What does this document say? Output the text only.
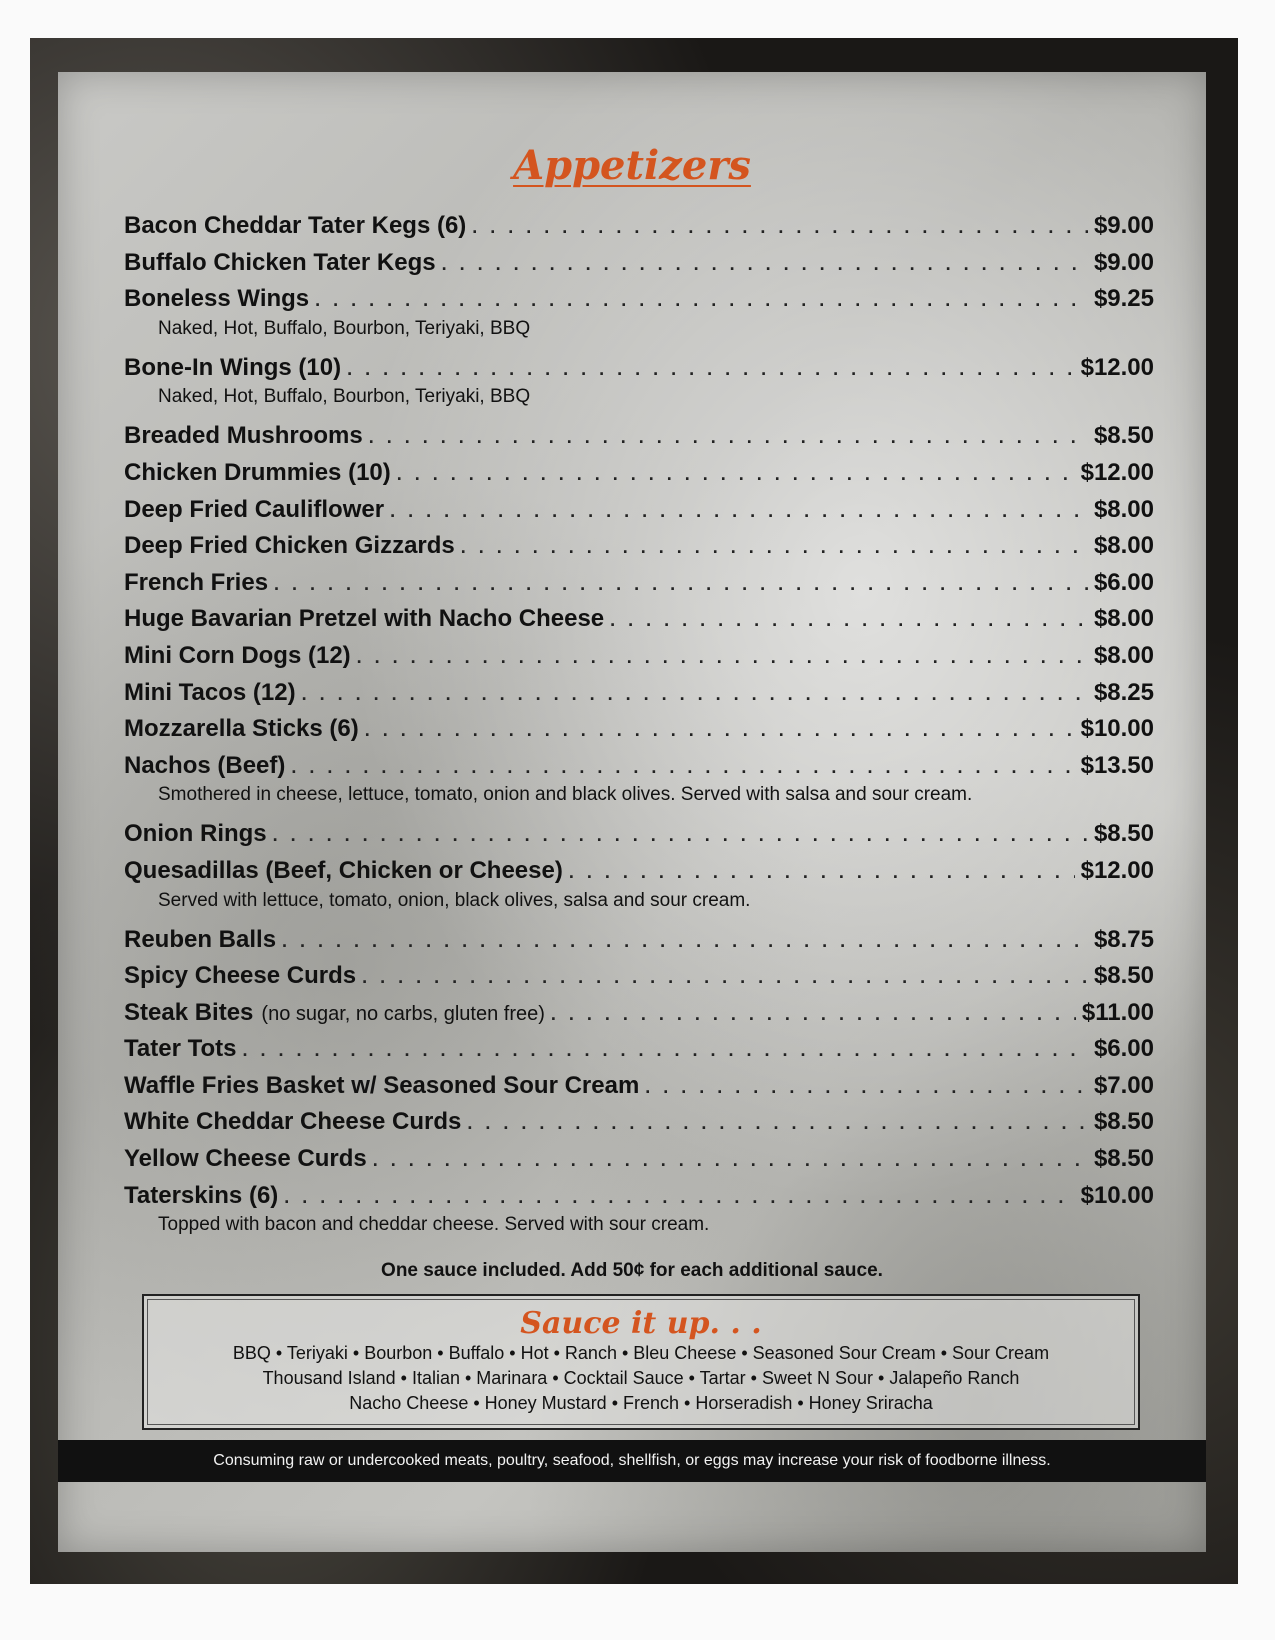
Appetizers
Bacon Cheddar Tater Kegs (6) . . .	$9.00
Buffalo Chicken Tater Kegs . . .	$9.00
Boneless Wings . . .	$9.25
Naked, Hot, Buffalo, Bourbon, Teriyaki, BBQ
Bone-In Wings (10) . . .	$12.00
Naked, Hot, Buffalo, Bourbon, Teriyaki, BBQ
Breaded Mushrooms . . .	$8.50
Chicken Drummies (10) . . .	$12.00
Deep Fried Cauliflower . . .	$8.00
Deep Fried Chicken Gizzards . . .	$8.00
French Fries . . .	$6.00
Huge Bavarian Pretzel with Nacho Cheese . . .	$8.00
Mini Corn Dogs (12) . . .	$8.00
Mini Tacos (12) . . .	$8.25
Mozzarella Sticks (6) . . .	$10.00
Nachos (Beef) . . .	$13.50
Smothered in cheese, lettuce, tomato, onion and black olives. Served with salsa and sour cream.
Onion Rings . . .	$8.50
Quesadillas (Beef, Chicken or Cheese) . . .	$12.00
Served with lettuce, tomato, onion, black olives, salsa and sour cream.
Reuben Balls . . .	$8.75
Spicy Cheese Curds . . .	$8.50
Steak Bites (no sugar, no carbs, gluten free) . . .	$11.00
Tater Tots . . .	$6.00
Waffle Fries Basket w/ Seasoned Sour Cream . . .	$7.00
White Cheddar Cheese Curds . . .	$8.50
Yellow Cheese Curds . . .	$8.50
Taterskins (6) . . .	$10.00
Topped with bacon and cheddar cheese. Served with sour cream.
One sauce included. Add 50¢ for each additional sauce.
Sauce it up. . .
BBQ • Teriyaki • Bourbon • Buffalo • Hot • Ranch • Bleu Cheese • Seasoned Sour Cream • Sour Cream
Thousand Island • Italian • Marinara • Cocktail Sauce • Tartar • Sweet N Sour • Jalapeño Ranch
Nacho Cheese • Honey Mustard • French • Horseradish • Honey Sriracha
Consuming raw or undercooked meats, poultry, seafood, shellfish, or eggs may increase your risk of foodborne illness.
